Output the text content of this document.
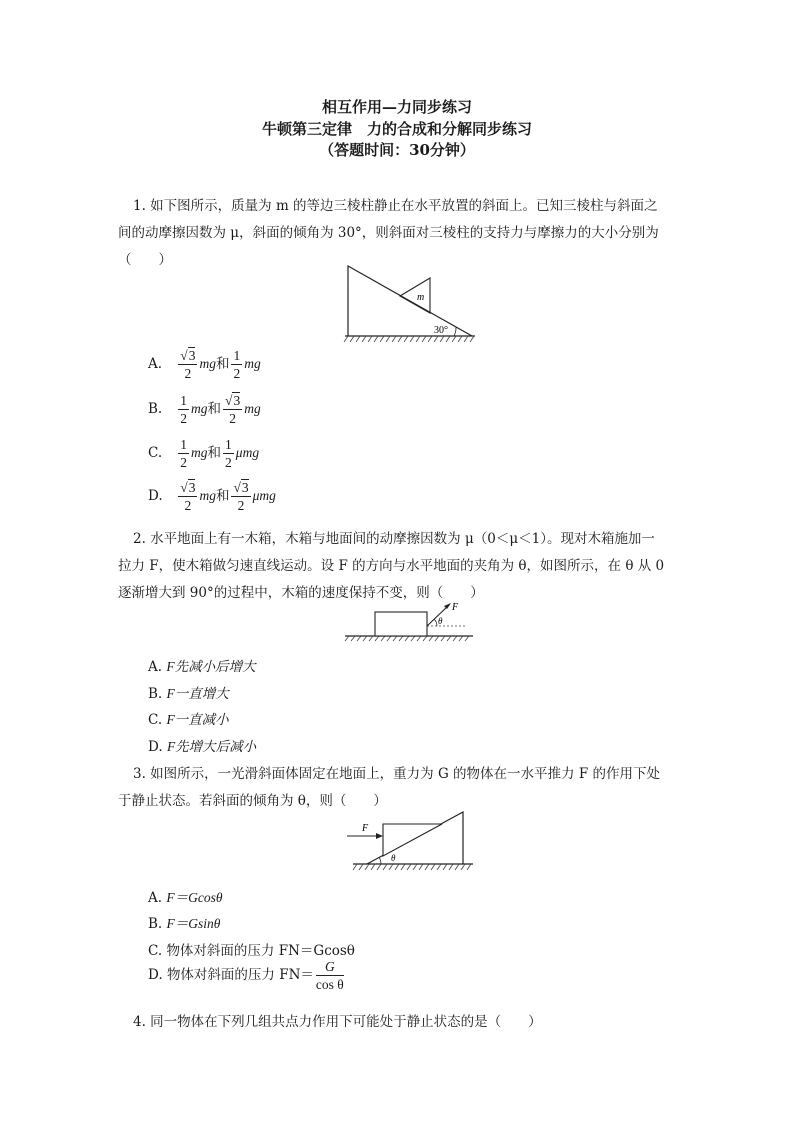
相互作用—力同步练习
牛顿第三定律　力的合成和分解同步练习
（答题时间：30分钟）
1. 如下图所示，质量为 m 的等边三棱柱静止在水平放置的斜面上。已知三棱柱与斜面之
间的动摩擦因数为 μ，斜面的倾角为 30°，则斜面对三棱柱的支持力与摩擦力的大小分别为
（　　）
m
30°
A. $\frac{√3}{2}$ mg和 $\frac{1}{2}$ mg
B. $\frac{1}{2}$ mg和 $\frac{√3}{2}$ mg
C. $\frac{1}{2}$ mg和 $\frac{1}{2}$ μmg
D. $\frac{√3}{2}$ mg和 $\frac{√3}{2}$ μmg
2. 水平地面上有一木箱，木箱与地面间的动摩擦因数为 μ（0＜μ＜1）。现对木箱施加一
拉力 F，使木箱做匀速直线运动。设 F 的方向与水平地面的夹角为 θ，如图所示，在 θ 从 0
逐渐增大到 90°的过程中，木箱的速度保持不变，则（　　）
F
θ
A. F先减小后增大
B. F一直增大
C. F一直减小
D. F先增大后减小
3. 如图所示，一光滑斜面体固定在地面上，重力为 G 的物体在一水平推力 F 的作用下处
于静止状态。若斜面的倾角为 θ，则（　　）
F
θ
A. F＝Gcosθ
B. F＝Gsinθ
C. 物体对斜面的压力 FN＝Gcosθ
D. 物体对斜面的压力 $FN= \frac{G}{\text{cos θ}}$
4. 同一物体在下列几组共点力作用下可能处于静止状态的是（　　）
